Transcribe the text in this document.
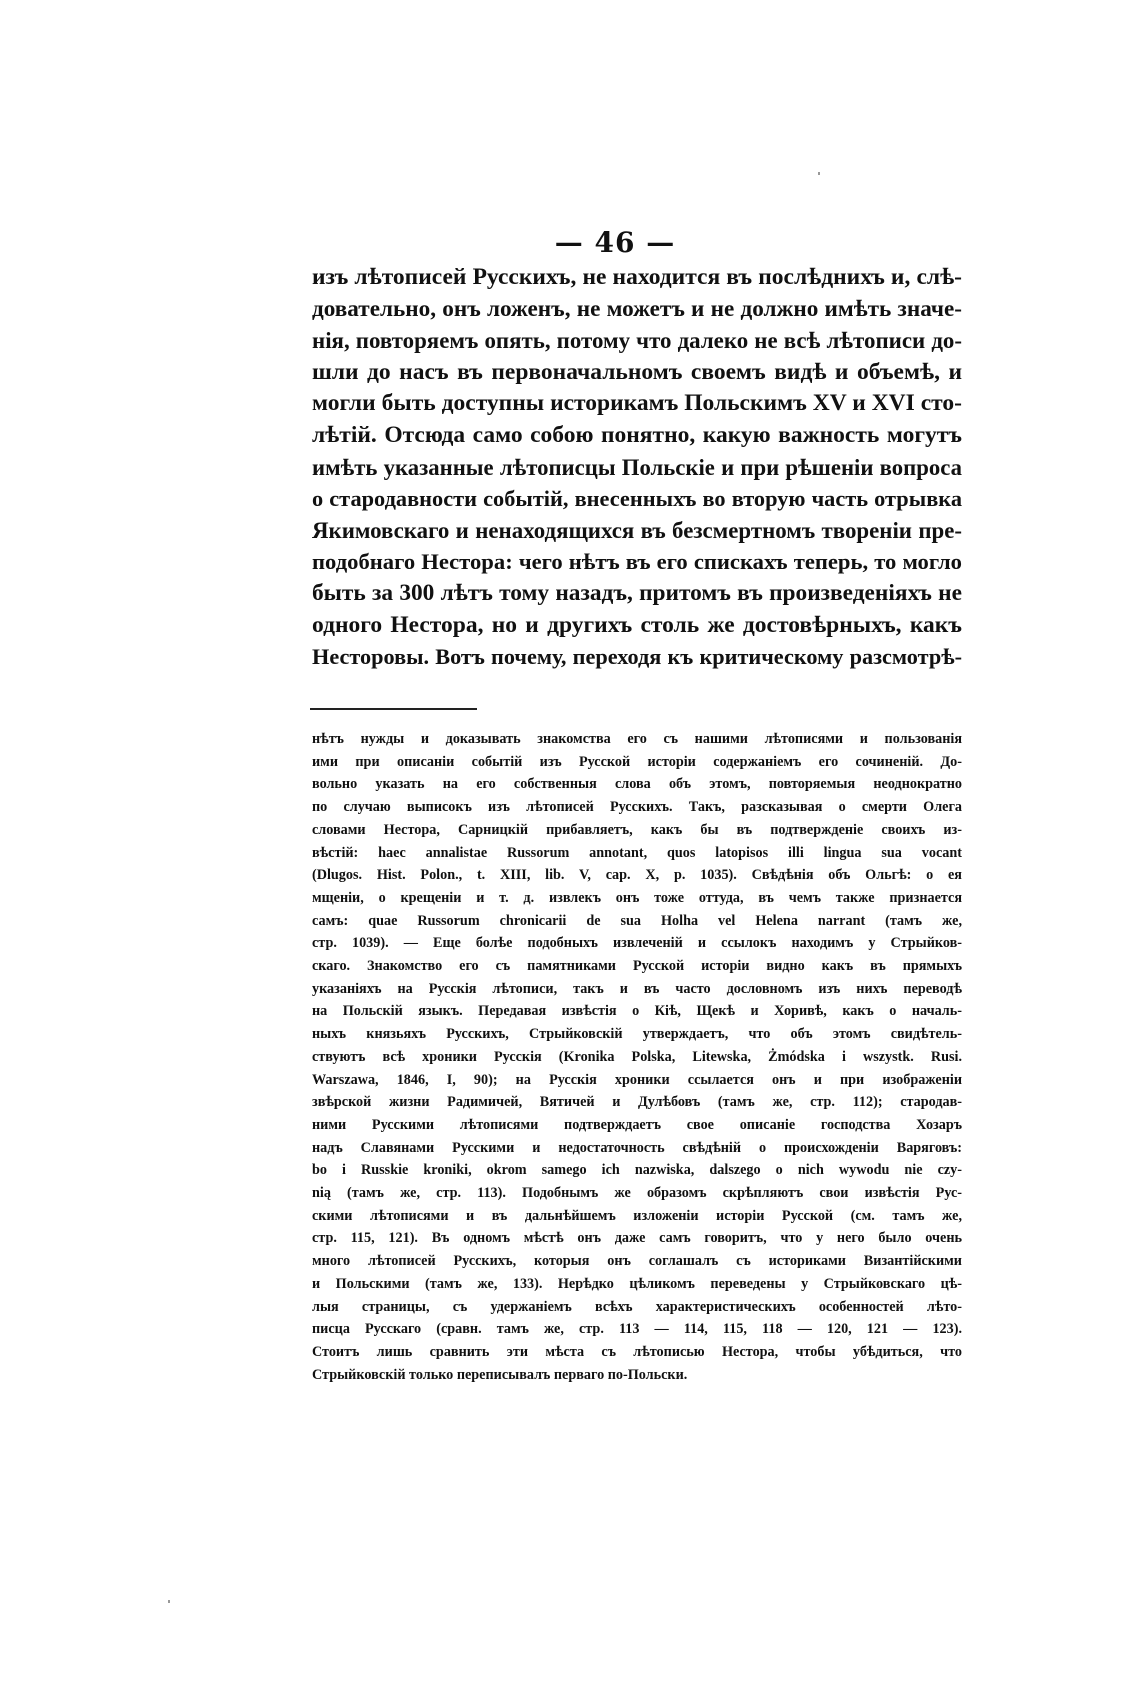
— 46 —
изъ лѣтописей Русскихъ, не находится въ послѣднихъ и, слѣ-
довательно, онъ ложенъ, не можетъ и не должно имѣть значе-
нія, повторяемъ опять, потому что далеко не всѣ лѣтописи до-
шли до насъ въ первоначальномъ своемъ видѣ и объемѣ, и
могли быть доступны историкамъ Польскимъ XV и XVI сто-
лѣтій. Отсюда само собою понятно, какую важность могутъ
имѣть указанные лѣтописцы Польскіе и при рѣшеніи вопроса
о стародавности событій, внесенныхъ во вторую часть отрывка
Якимовскаго и ненаходящихся въ безсмертномъ твореніи пре-
подобнаго Нестора: чего нѣтъ въ его спискахъ теперь, то могло
быть за 300 лѣтъ тому назадъ, притомъ въ произведеніяхъ не
одного Нестора, но и другихъ столь же достовѣрныхъ, какъ
Несторовы. Вотъ почему, переходя къ критическому разсмотрѣ-
нѣтъ нужды и доказывать знакомства его съ нашими лѣтописями и пользованія
ими при описаніи событій изъ Русской исторіи содержаніемъ его сочиненій. До-
вольно указать на его собственныя слова объ этомъ, повторяемыя неоднократно
по случаю выписокъ изъ лѣтописей Русскихъ. Такъ, разсказывая о смерти Олега
словами Нестора, Сарницкій прибавляетъ, какъ бы въ подтвержденіе своихъ из-
вѣстій: haec annalistae Russorum annotant, quos latopisos illi lingua sua vocant
(Dlugos. Hist. Polon., t. XIII, lib. V, cap. X, p. 1035). Свѣдѣнія объ Ольгѣ: о ея
мщеніи, о крещеніи и т. д. извлекъ онъ тоже оттуда, въ чемъ также признается
самъ: quae Russorum chronicarii de sua Holha vel Helena narrant (тамъ же,
стр. 1039). — Еще болѣе подобныхъ извлеченій и ссылокъ находимъ у Стрыйков-
скаго. Знакомство его съ памятниками Русской исторіи видно какъ въ прямыхъ
указаніяхъ на Русскія лѣтописи, такъ и въ часто дословномъ изъ нихъ переводѣ
на Польскій языкъ. Передавая извѣстія о Кіѣ, Щекѣ и Хоривѣ, какъ о началь-
ныхъ князьяхъ Русскихъ, Стрыйковскій утверждаетъ, что объ этомъ свидѣтель-
ствуютъ всѣ хроники Русскія (Kronika Polska, Litewska, Żmódska i wszystk. Rusi.
Warszawa, 1846, I, 90); на Русскія хроники ссылается онъ и при изображеніи
звѣрской жизни Радимичей, Вятичей и Дулѣбовъ (тамъ же, стр. 112); стародав-
ними Русскими лѣтописями подтверждаетъ свое описаніе господства Хозаръ
надъ Славянами Русскими и недостаточность свѣдѣній о происхожденіи Варяговъ:
bo i Russkie kroniki, okrom samego ich nazwiska, dalszego o nich wywodu nie czy-
nią (тамъ же, стр. 113). Подобнымъ же образомъ скрѣпляютъ свои извѣстія Рус-
скими лѣтописями и въ дальнѣйшемъ изложеніи исторіи Русской (см. тамъ же,
стр. 115, 121). Въ одномъ мѣстѣ онъ даже самъ говоритъ, что у него было очень
много лѣтописей Русскихъ, которыя онъ соглашалъ съ историками Византійскими
и Польскими (тамъ же, 133). Нерѣдко цѣликомъ переведены у Стрыйковскаго цѣ-
лыя страницы, съ удержаніемъ всѣхъ характеристическихъ особенностей лѣто-
писца Русскаго (сравн. тамъ же, стр. 113 — 114, 115, 118 — 120, 121 — 123).
Стоитъ лишь сравнить эти мѣста съ лѣтописью Нестора, чтобы убѣдиться, что
Стрыйковскій только переписывалъ перваго по-Польски.
